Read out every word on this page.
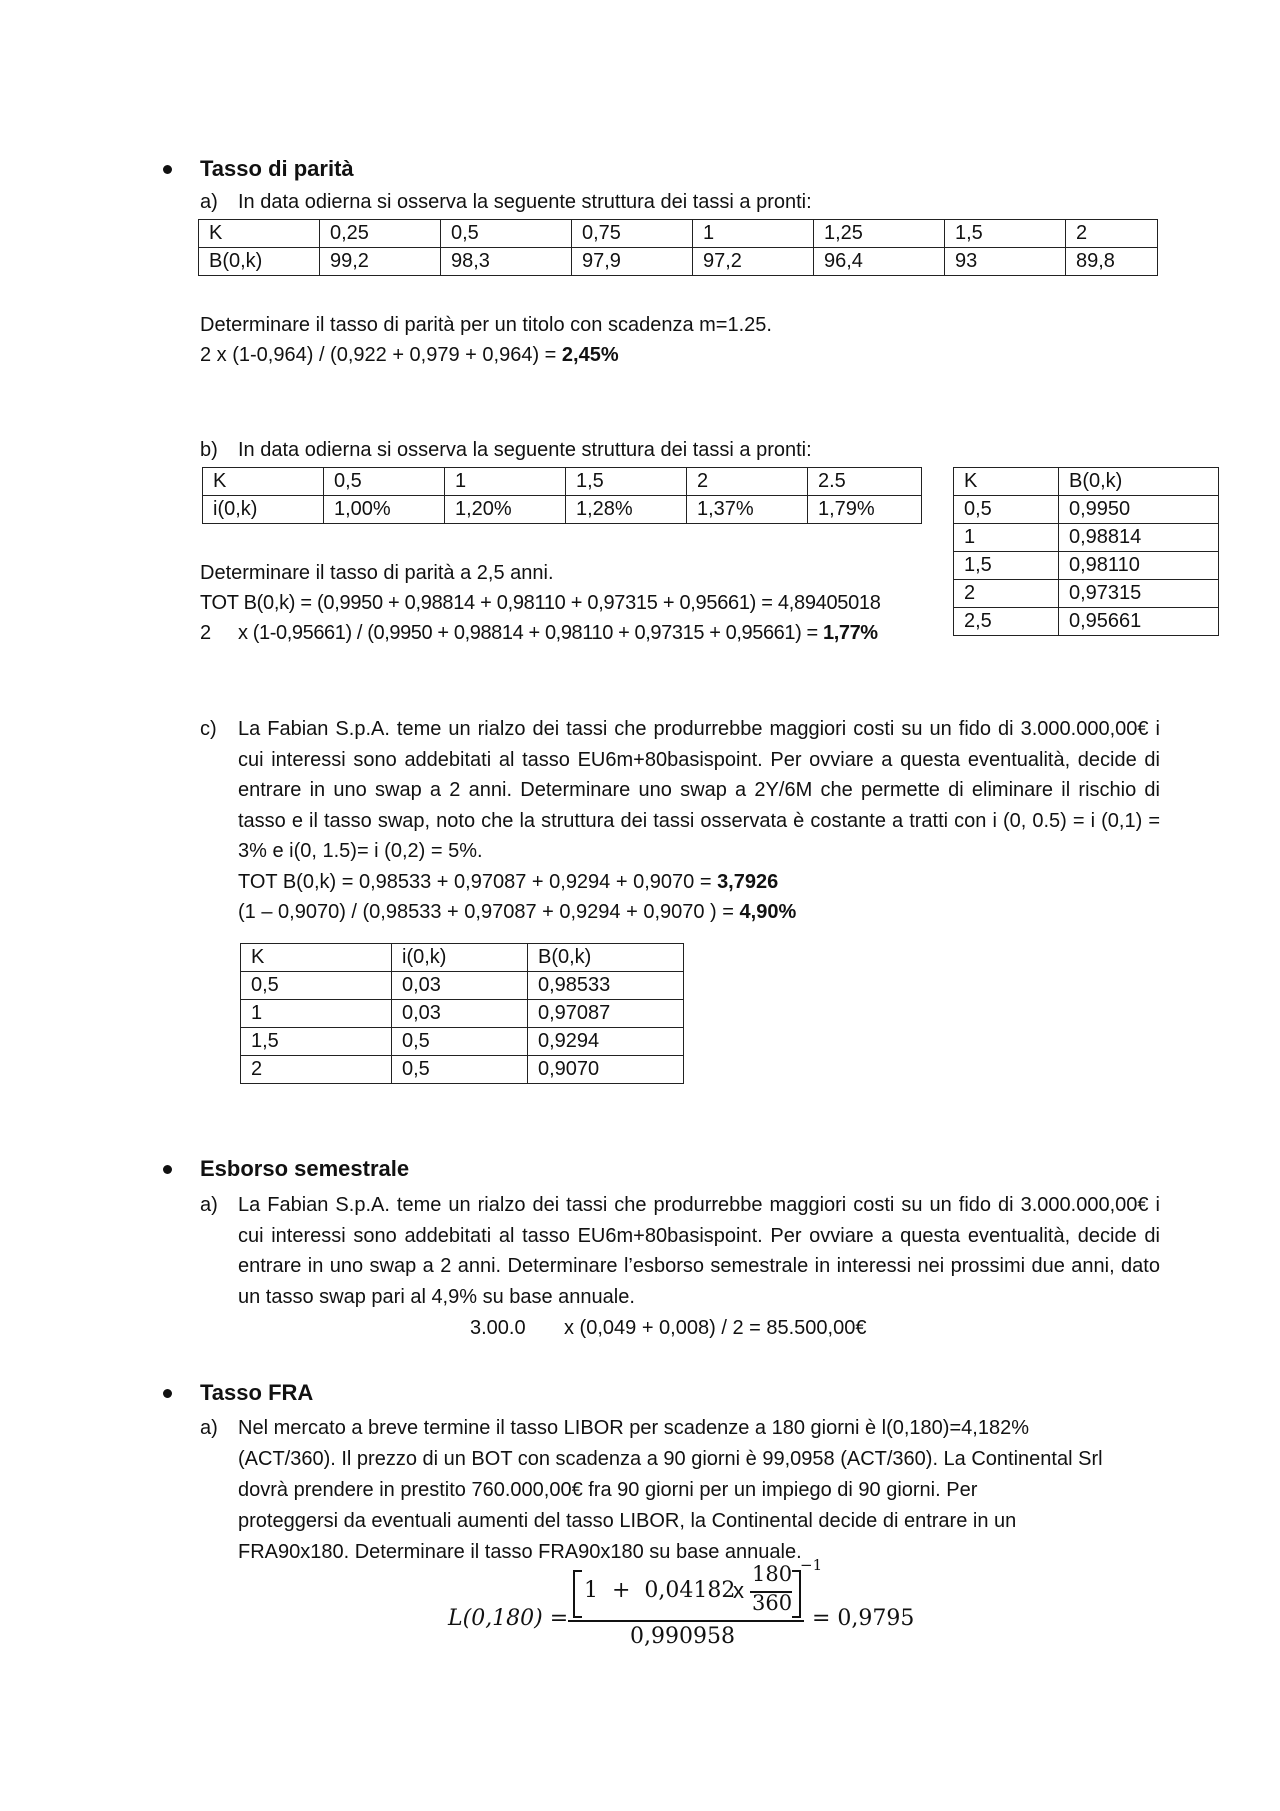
Tasso di parità
a) In data odierna si osserva la seguente struttura dei tassi a pronti:
K	0,25	0,5	0,75	1	1,25	1,5	2
B(0,k)	99,2	98,3	97,9	97,2	96,4	93	89,8
Determinare il tasso di parità per un titolo con scadenza m=1.25.
2 x (1-0,964) / (0,922 + 0,979 + 0,964) = 2,45%
b) In data odierna si osserva la seguente struttura dei tassi a pronti:
K	0,5	1	1,5	2	2.5
i(0,k)	1,00%	1,20%	1,28%	1,37%	1,79%
K	B(0,k)
0,5	0,9950
1	0,98814
1,5	0,98110
2	0,97315
2,5	0,95661
Determinare il tasso di parità a 2,5 anni.
TOT B(0,k) = (0,9950 + 0,98814 + 0,98110 + 0,97315 + 0,95661) = 4,89405018
2 x (1-0,95661) / (0,9950 + 0,98814 + 0,98110 + 0,97315 + 0,95661) = 1,77%
c) La Fabian S.p.A. teme un rialzo dei tassi che produrrebbe maggiori costi su un fido di 3.000.000,00€ i cui interessi sono addebitati al tasso EU6m+80basispoint. Per ovviare a questa eventualità, decide di entrare in uno swap a 2 anni. Determinare uno swap a 2Y/6M che permette di eliminare il rischio di tasso e il tasso swap, noto che la struttura dei tassi osservata è costante a tratti con i (0, 0.5) = i (0,1) = 3% e i(0, 1.5)= i (0,2) = 5%.
TOT B(0,k) = 0,98533 + 0,97087 + 0,9294 + 0,9070 = 3,7926
(1 – 0,9070) / (0,98533 + 0,97087 + 0,9294 + 0,9070 ) = 4,90%
K	i(0,k)	B(0,k)
0,5	0,03	0,98533
1	0,03	0,97087
1,5	0,5	0,9294
2	0,5	0,9070
Esborso semestrale
a) La Fabian S.p.A. teme un rialzo dei tassi che produrrebbe maggiori costi su un fido di 3.000.000,00€ i cui interessi sono addebitati al tasso EU6m+80basispoint. Per ovviare a questa eventualità, decide di entrare in uno swap a 2 anni. Determinare l’esborso semestrale in interessi nei prossimi due anni, dato un tasso swap pari al 4,9% su base annuale.
3.00.0 x (0,049 + 0,008) / 2 = 85.500,00€
Tasso FRA
a) Nel mercato a breve termine il tasso LIBOR per scadenze a 180 giorni è l(0,180)=4,182%
(ACT/360). Il prezzo di un BOT con scadenza a 90 giorni è 99,0958 (ACT/360). La Continental Srl
dovrà prendere in prestito 760.000,00€ fra 90 giorni per un impiego di 90 giorni. Per
proteggersi da eventuali aumenti del tasso LIBOR, la Continental decide di entrare in un
FRA90x180. Determinare il tasso FRA90x180 su base annuale.
L(0,180) =
1  +  0,04182
x
180
360
−1
0,990958
= 0,9795
